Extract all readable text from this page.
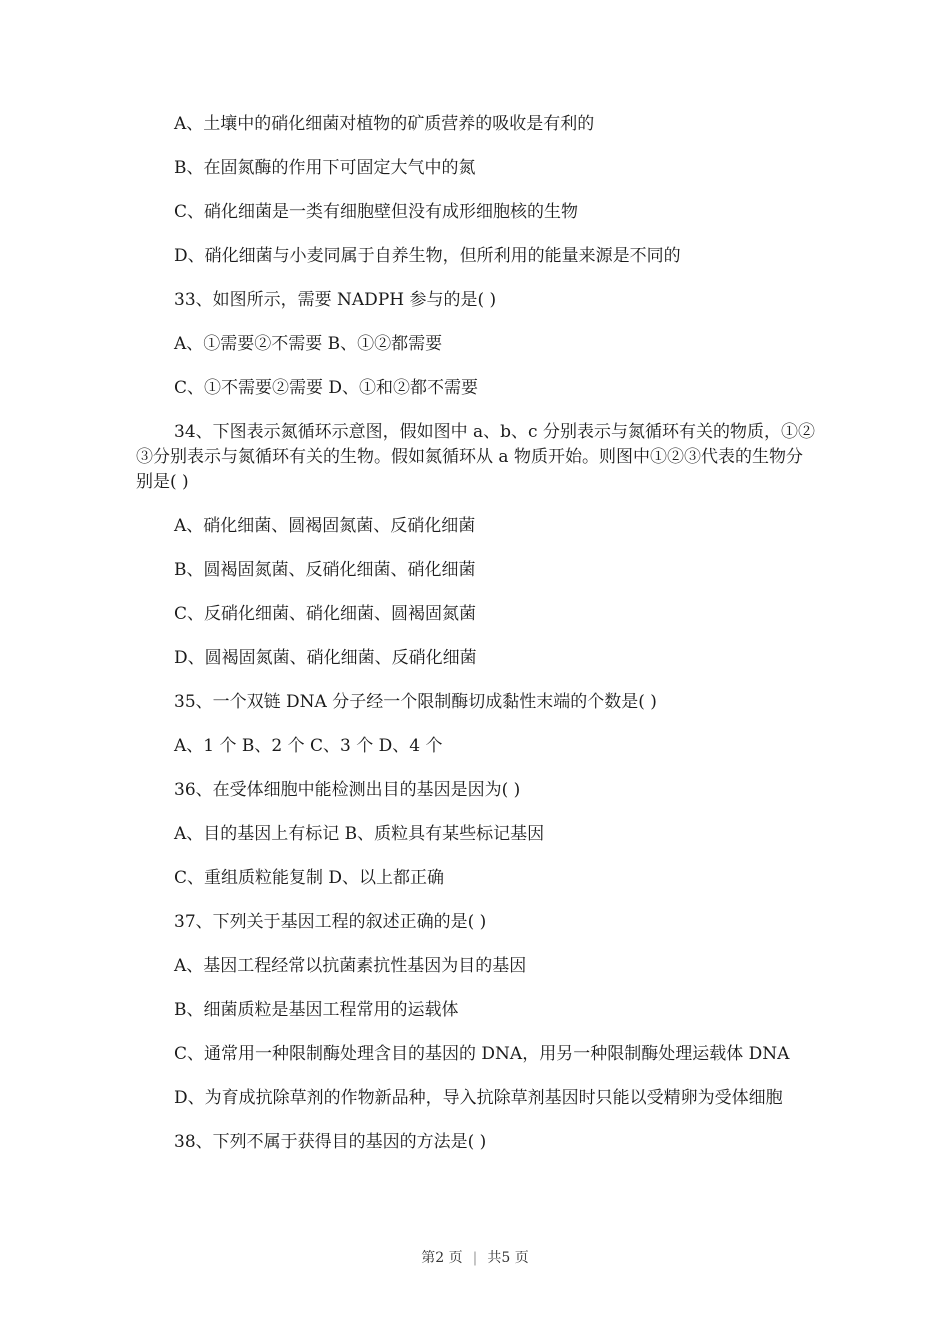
A、土壤中的硝化细菌对植物的矿质营养的吸收是有利的

B、在固氮酶的作用下可固定大气中的氮

C、硝化细菌是一类有细胞壁但没有成形细胞核的生物

D、硝化细菌与小麦同属于自养生物，但所利用的能量来源是不同的

33、如图所示，需要 NADPH 参与的是( )

A、①需要②不需要 B、①②都需要

C、①不需要②需要 D、①和②都不需要

34、下图表示氮循环示意图，假如图中 a、b、c 分别表示与氮循环有关的物质，①②③分别表示与氮循环有关的生物。假如氮循环从 a 物质开始。则图中①②③代表的生物分别是( )

A、硝化细菌、圆褐固氮菌、反硝化细菌

B、圆褐固氮菌、反硝化细菌、硝化细菌

C、反硝化细菌、硝化细菌、圆褐固氮菌

D、圆褐固氮菌、硝化细菌、反硝化细菌

35、一个双链 DNA 分子经一个限制酶切成黏性末端的个数是( )

A、1 个 B、2 个 C、3 个 D、4 个

36、在受体细胞中能检测出目的基因是因为( )

A、目的基因上有标记 B、质粒具有某些标记基因

C、重组质粒能复制 D、以上都正确

37、下列关于基因工程的叙述正确的是( )

A、基因工程经常以抗菌素抗性基因为目的基因

B、细菌质粒是基因工程常用的运载体

C、通常用一种限制酶处理含目的基因的 DNA，用另一种限制酶处理运载体 DNA

D、为育成抗除草剂的作物新品种，导入抗除草剂基因时只能以受精卵为受体细胞

38、下列不属于获得目的基因的方法是( )

第2 页 | 共5 页
